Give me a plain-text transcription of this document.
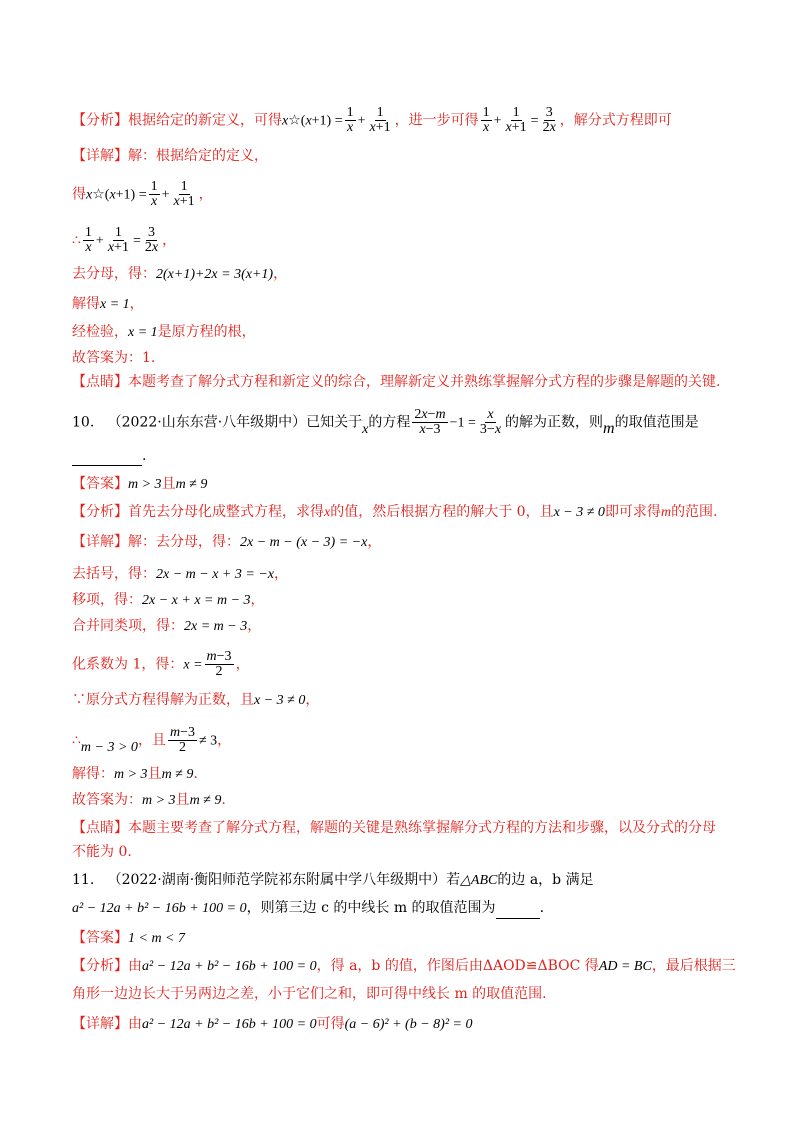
【分析】根据给定的新定义，可得x☆(x+1) = $\frac{1}{x} + \frac{1}{x+1}$ ，进一步可得 $\frac{1}{x} + \frac{1}{x+1} = \frac{3}{2x}$ ，解分式方程即可
【详解】解：根据给定的定义，
得x☆(x+1) = $\frac{1}{x} + \frac{1}{x+1}$ ，
∴ $\frac{1}{x} + \frac{1}{x+1} = \frac{3}{2x}$ ，
去分母，得：2(x+1)+2x = 3(x+1)，
解得x = 1，
经检验，x = 1是原方程的根，
故答案为：1.
【点睛】本题考查了解分式方程和新定义的综合，理解新定义并熟练掌握解分式方程的步骤是解题的关键.
10. （2022·山东东营·八年级期中）已知关于x的方程 $\frac{2x-m}{x-3} -1 = \frac{x}{3-x}$ 的解为正数，则m的取值范围是
.
【答案】m > 3且m ≠ 9
【分析】首先去分母化成整式方程，求得x的值，然后根据方程的解大于 0，且x − 3 ≠ 0即可求得m的范围.
【详解】解：去分母，得：2x − m − (x − 3) = −x，
去括号，得：2x − m − x + 3 = −x，
移项，得：2x − x + x = m − 3，
合并同类项，得：2x = m − 3，
化系数为 1，得：$x = \frac{m-3}{2}$ ，
∵原分式方程得解为正数，且x − 3 ≠ 0，
∴m − 3 > 0，且 $\frac{m-3}{2} \ne 3$，
解得：m > 3且m ≠ 9.
故答案为：m > 3且m ≠ 9.
【点睛】本题主要考查了解分式方程，解题的关键是熟练掌握解分式方程的方法和步骤，以及分式的分母
不能为 0.
11. （2022·湖南·衡阳师范学院祁东附属中学八年级期中）若△ABC的边 a，b 满足
a² − 12a + b² − 16b + 100 = 0，则第三边 c 的中线长 m 的取值范围为	.
【答案】1 < m < 7
【分析】由a² − 12a + b² − 16b + 100 = 0，得 a，b 的值，作图后由ΔAOD≌ΔBOC 得AD = BC，最后根据三
角形一边边长大于另两边之差，小于它们之和，即可得中线长 m 的取值范围.
【详解】由a² − 12a + b² − 16b + 100 = 0可得(a − 6)² + (b − 8)² = 0
